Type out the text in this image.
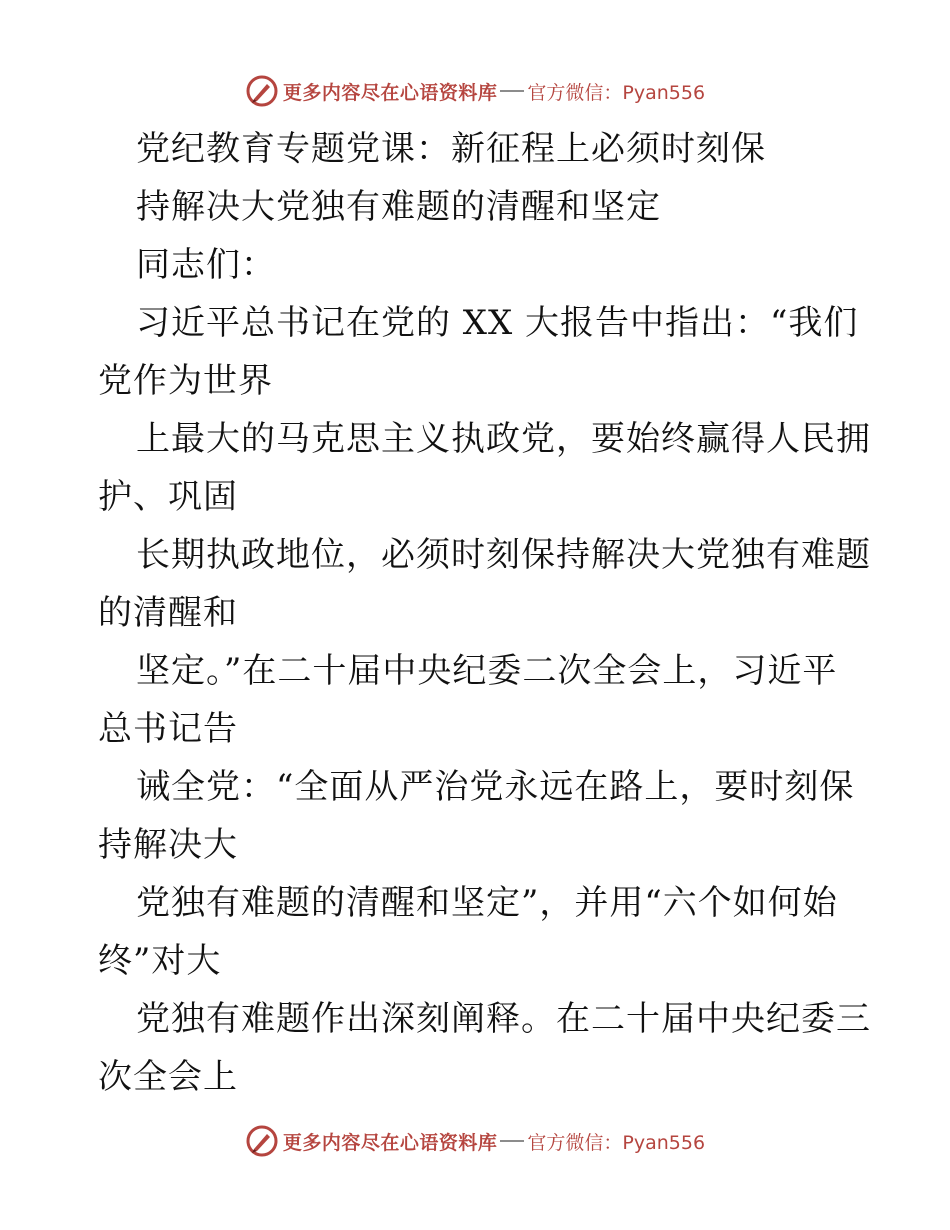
更多内容尽在心语资料库 官方微信：Pyan556
党纪教育专题党课：新征程上必须时刻保
持解决大党独有难题的清醒和坚定
同志们：
习近平总书记在党的 XX 大报告中指出：“我们
党作为世界
上最大的马克思主义执政党，要始终赢得人民拥
护、巩固
长期执政地位，必须时刻保持解决大党独有难题
的清醒和
坚定。”在二十届中央纪委二次全会上，习近平
总书记告
诫全党：“全面从严治党永远在路上，要时刻保
持解决大
党独有难题的清醒和坚定”，并用“六个如何始
终”对大
党独有难题作出深刻阐释。在二十届中央纪委三
次全会上
更多内容尽在心语资料库 官方微信：Pyan556
